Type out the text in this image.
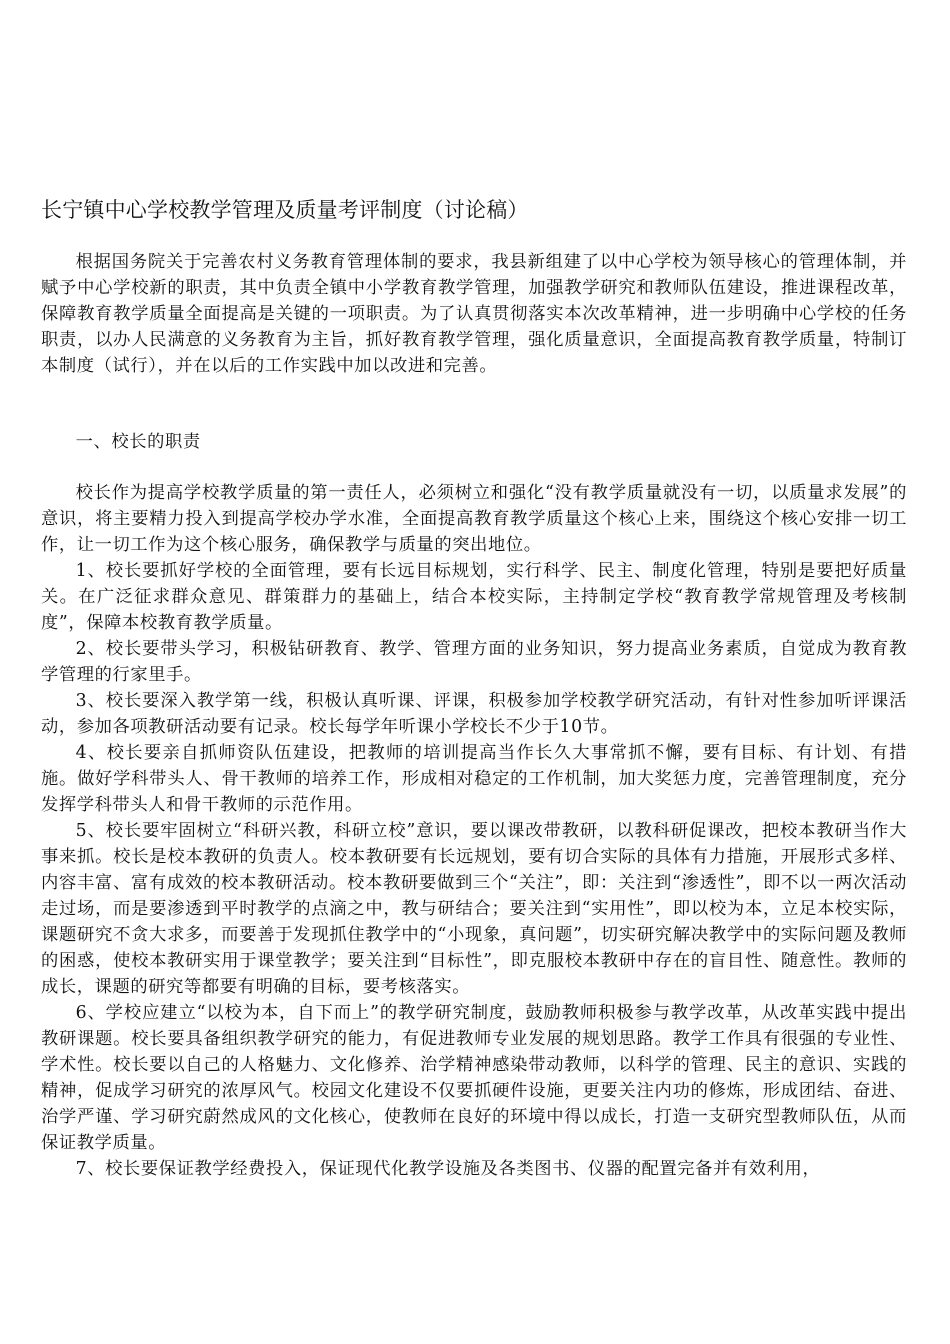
长宁镇中心学校教学管理及质量考评制度（讨论稿）

根据国务院关于完善农村义务教育管理体制的要求，我县新组建了以中心学校为领导核心的管理体制，并赋予中心学校新的职责，其中负责全镇中小学教育教学管理，加强教学研究和教师队伍建设，推进课程改革，保障教育教学质量全面提高是关键的一项职责。为了认真贯彻落实本次改革精神，进一步明确中心学校的任务职责，以办人民满意的义务教育为主旨，抓好教育教学管理，强化质量意识，全面提高教育教学质量，特制订本制度（试行），并在以后的工作实践中加以改进和完善。

一、校长的职责

校长作为提高学校教学质量的第一责任人，必须树立和强化“没有教学质量就没有一切，以质量求发展”的意识，将主要精力投入到提高学校办学水准，全面提高教育教学质量这个核心上来，围绕这个核心安排一切工作，让一切工作为这个核心服务，确保教学与质量的突出地位。

1、校长要抓好学校的全面管理，要有长远目标规划，实行科学、民主、制度化管理，特别是要把好质量关。在广泛征求群众意见、群策群力的基础上，结合本校实际，主持制定学校“教育教学常规管理及考核制度”，保障本校教育教学质量。

2、校长要带头学习，积极钻研教育、教学、管理方面的业务知识，努力提高业务素质，自觉成为教育教学管理的行家里手。

3、校长要深入教学第一线，积极认真听课、评课，积极参加学校教学研究活动，有针对性参加听评课活动，参加各项教研活动要有记录。校长每学年听课小学校长不少于10节。

4、校长要亲自抓师资队伍建设，把教师的培训提高当作长久大事常抓不懈，要有目标、有计划、有措施。做好学科带头人、骨干教师的培养工作，形成相对稳定的工作机制，加大奖惩力度，完善管理制度，充分发挥学科带头人和骨干教师的示范作用。

5、校长要牢固树立“科研兴教，科研立校”意识，要以课改带教研，以教科研促课改，把校本教研当作大事来抓。校长是校本教研的负责人。校本教研要有长远规划，要有切合实际的具体有力措施，开展形式多样、内容丰富、富有成效的校本教研活动。校本教研要做到三个“关注”，即：关注到“渗透性”，即不以一两次活动走过场，而是要渗透到平时教学的点滴之中，教与研结合；要关注到“实用性”，即以校为本，立足本校实际，课题研究不贪大求多，而要善于发现抓住教学中的“小现象，真问题”，切实研究解决教学中的实际问题及教师的困惑，使校本教研实用于课堂教学；要关注到“目标性”，即克服校本教研中存在的盲目性、随意性。教师的成长，课题的研究等都要有明确的目标，要考核落实。

6、学校应建立“以校为本，自下而上”的教学研究制度，鼓励教师积极参与教学改革，从改革实践中提出教研课题。校长要具备组织教学研究的能力，有促进教师专业发展的规划思路。教学工作具有很强的专业性、学术性。校长要以自己的人格魅力、文化修养、治学精神感染带动教师，以科学的管理、民主的意识、实践的精神，促成学习研究的浓厚风气。校园文化建设不仅要抓硬件设施，更要关注内功的修炼，形成团结、奋进、治学严谨、学习研究蔚然成风的文化核心，使教师在良好的环境中得以成长，打造一支研究型教师队伍，从而保证教学质量。

7、校长要保证教学经费投入，保证现代化教学设施及各类图书、仪器的配置完备并有效利用，
